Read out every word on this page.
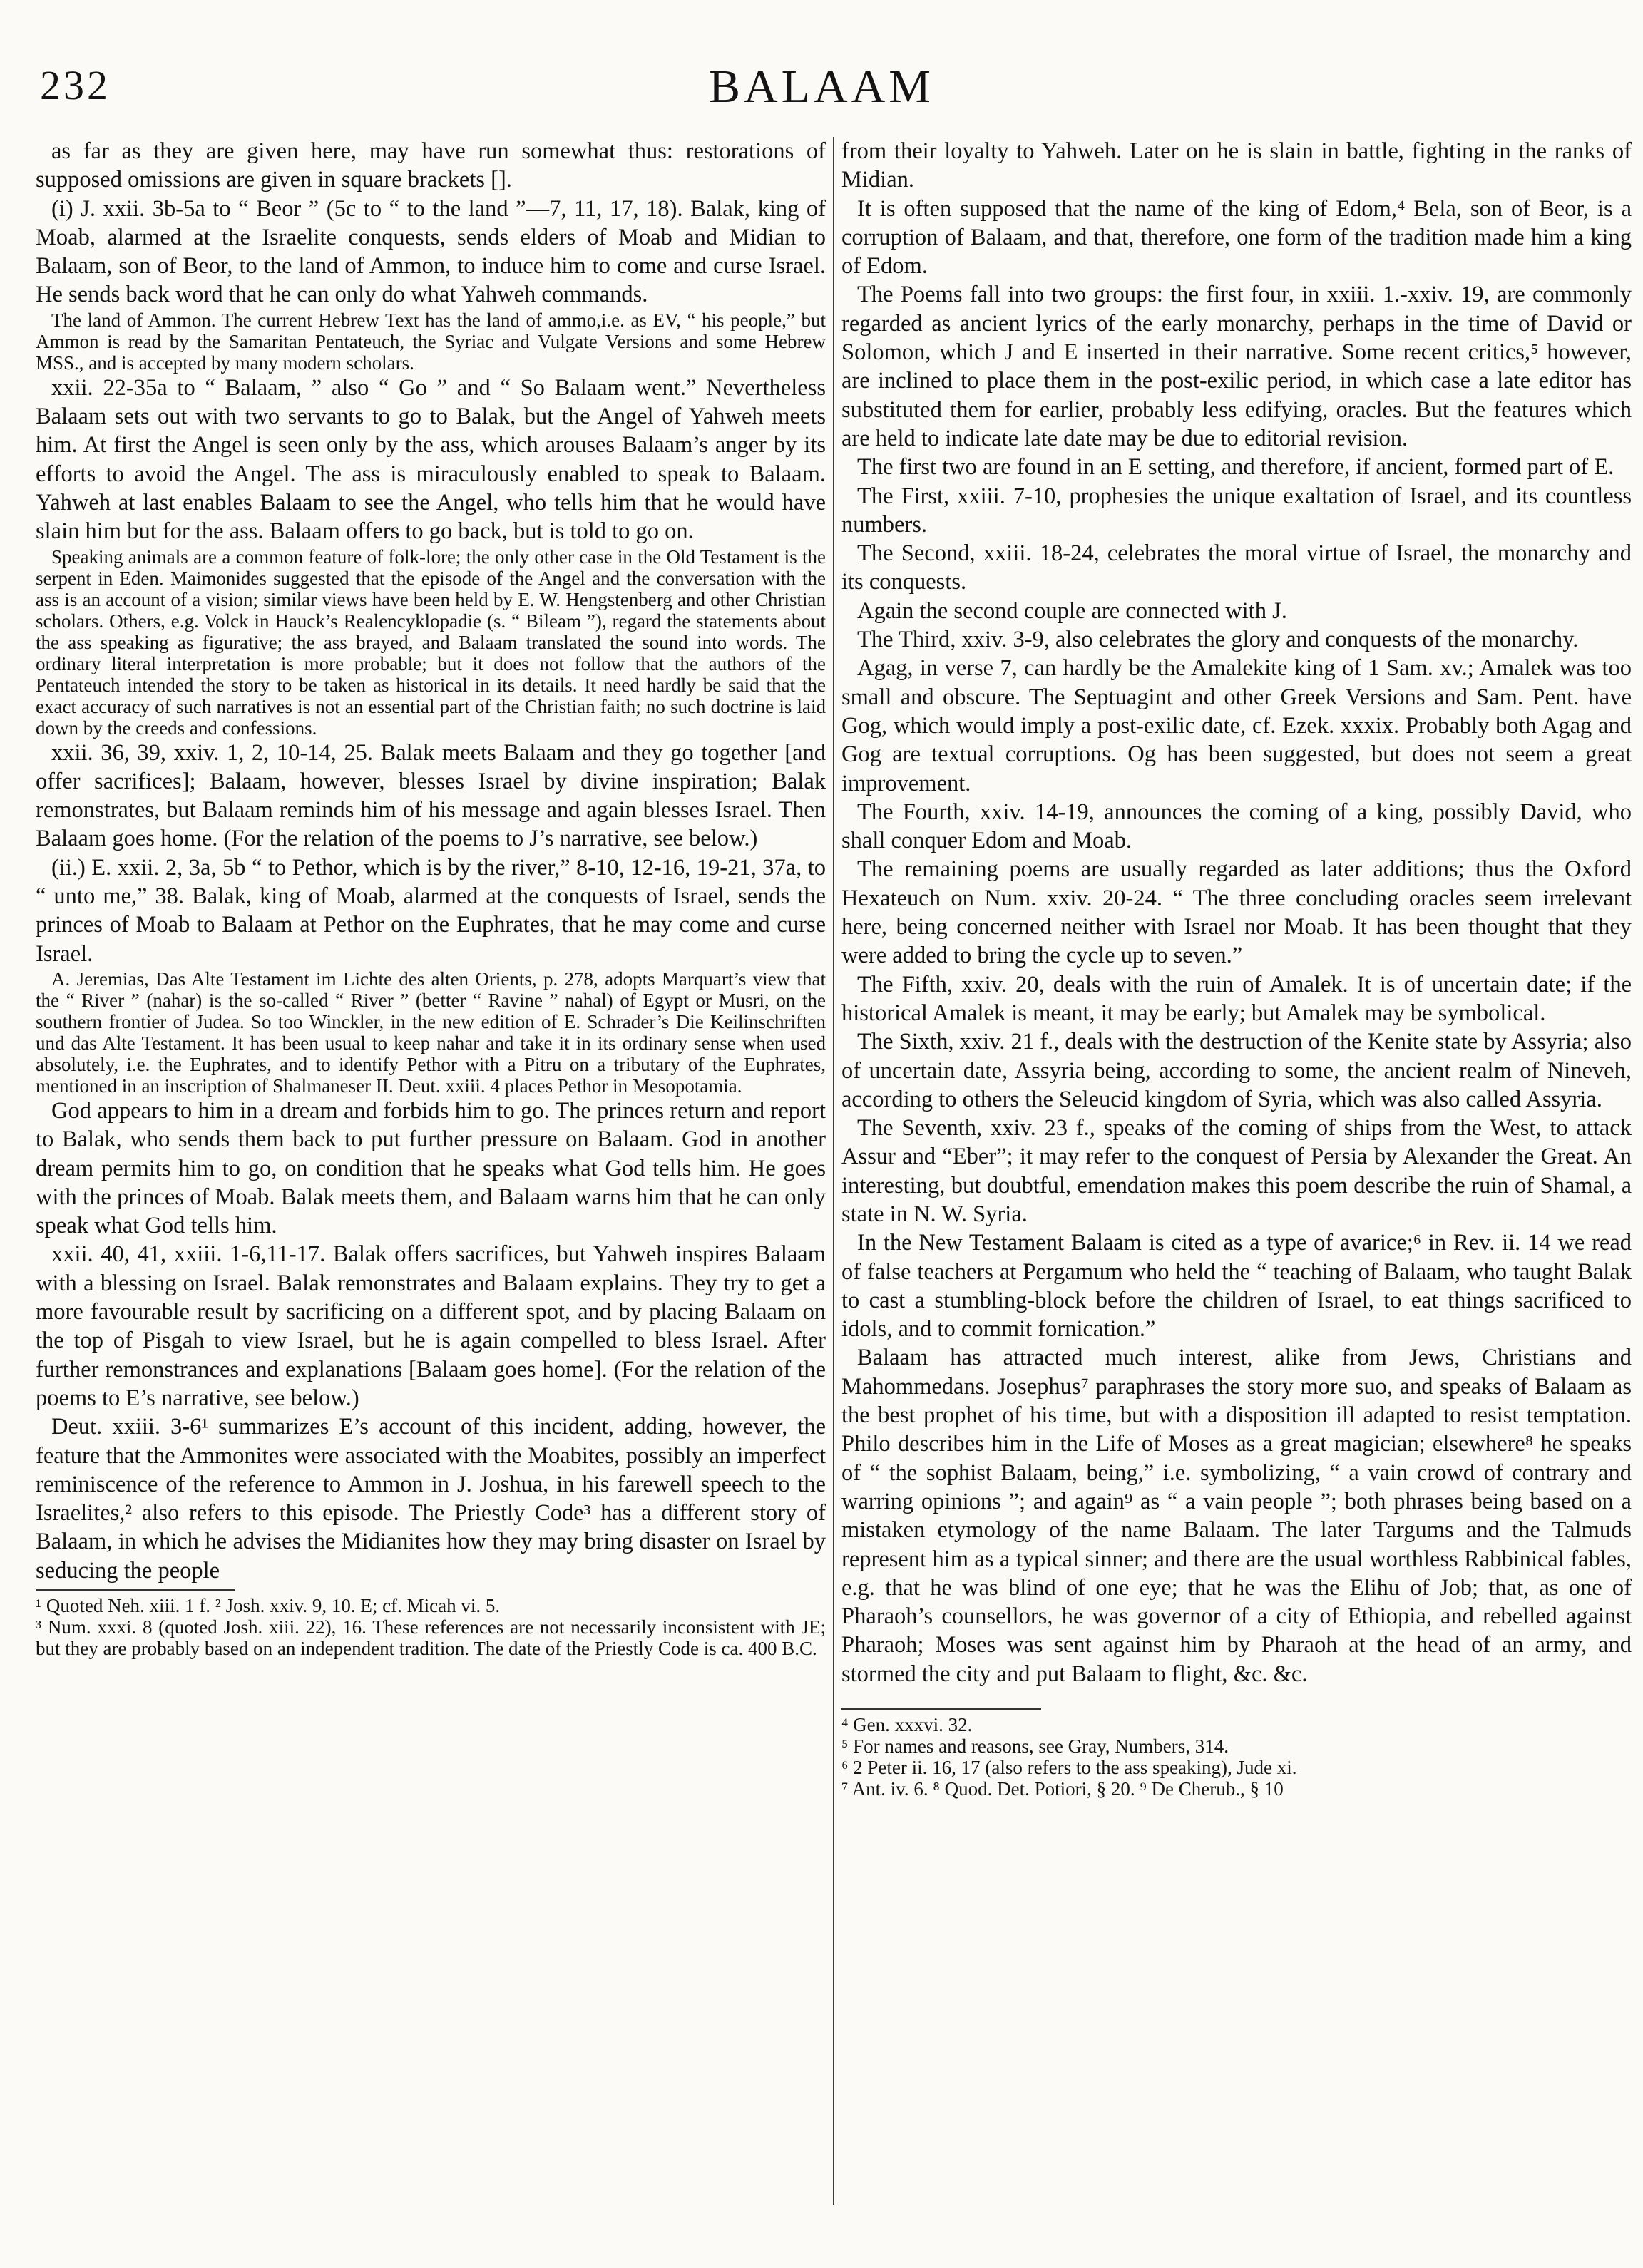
232	BALAAM

as far as they are given here, may have run somewhat thus: restorations of supposed omissions are given in square brackets [].

(i) J. xxii. 3b-5a to “ Beor ” (5c to “ to the land ”—7, 11, 17, 18). Balak, king of Moab, alarmed at the Israelite conquests, sends elders of Moab and Midian to Balaam, son of Beor, to the land of Ammon, to induce him to come and curse Israel. He sends back word that he can only do what Yahweh commands.

The land of Ammon. The current Hebrew Text has the land of ammo,i.e. as EV, “ his people,” but Ammon is read by the Samaritan Pentateuch, the Syriac and Vulgate Versions and some Hebrew MSS., and is accepted by many modern scholars.

xxii. 22-35a to “ Balaam, ” also “ Go ” and “ So Balaam went.” Nevertheless Balaam sets out with two servants to go to Balak, but the Angel of Yahweh meets him. At first the Angel is seen only by the ass, which arouses Balaam’s anger by its efforts to avoid the Angel. The ass is miraculously enabled to speak to Balaam. Yahweh at last enables Balaam to see the Angel, who tells him that he would have slain him but for the ass. Balaam offers to go back, but is told to go on.

Speaking animals are a common feature of folk-lore; the only other case in the Old Testament is the serpent in Eden. Maimonides suggested that the episode of the Angel and the conversation with the ass is an account of a vision; similar views have been held by E. W. Hengstenberg and other Christian scholars. Others, e.g. Volck in Hauck’s Realencyklopadie (s. “ Bileam ”), regard the statements about the ass speaking as figurative; the ass brayed, and Balaam translated the sound into words. The ordinary literal interpretation is more probable; but it does not follow that the authors of the Pentateuch intended the story to be taken as historical in its details. It need hardly be said that the exact accuracy of such narratives is not an essential part of the Christian faith; no such doctrine is laid down by the creeds and confessions.

xxii. 36, 39, xxiv. 1, 2, 10-14, 25. Balak meets Balaam and they go together [and offer sacrifices]; Balaam, however, blesses Israel by divine inspiration; Balak remonstrates, but Balaam reminds him of his message and again blesses Israel. Then Balaam goes home. (For the relation of the poems to J’s narrative, see below.)

(ii.) E. xxii. 2, 3a, 5b “ to Pethor, which is by the river,” 8-10, 12-16, 19-21, 37a, to “ unto me,” 38. Balak, king of Moab, alarmed at the conquests of Israel, sends the princes of Moab to Balaam at Pethor on the Euphrates, that he may come and curse Israel.

A. Jeremias, Das Alte Testament im Lichte des alten Orients, p. 278, adopts Marquart’s view that the “ River ” (nahar) is the so-called “ River ” (better “ Ravine ” nahal) of Egypt or Musri, on the southern frontier of Judea. So too Winckler, in the new edition of E. Schrader’s Die Keilinschriften und das Alte Testament. It has been usual to keep nahar and take it in its ordinary sense when used absolutely, i.e. the Euphrates, and to identify Pethor with a Pitru on a tributary of the Euphrates, mentioned in an inscription of Shalmaneser II. Deut. xxiii. 4 places Pethor in Mesopotamia.

God appears to him in a dream and forbids him to go. The princes return and report to Balak, who sends them back to put further pressure on Balaam. God in another dream permits him to go, on condition that he speaks what God tells him. He goes with the princes of Moab. Balak meets them, and Balaam warns him that he can only speak what God tells him.

xxii. 40, 41, xxiii. 1-6,11-17. Balak offers sacrifices, but Yahweh inspires Balaam with a blessing on Israel. Balak remonstrates and Balaam explains. They try to get a more favourable result by sacrificing on a different spot, and by placing Balaam on the top of Pisgah to view Israel, but he is again compelled to bless Israel. After further remonstrances and explanations [Balaam goes home]. (For the relation of the poems to E’s narrative, see below.)

Deut. xxiii. 3-6¹ summarizes E’s account of this incident, adding, however, the feature that the Ammonites were associated with the Moabites, possibly an imperfect reminiscence of the reference to Ammon in J. Joshua, in his farewell speech to the Israelites,² also refers to this episode. The Priestly Code³ has a different story of Balaam, in which he advises the Midianites how they may bring disaster on Israel by seducing the people

¹ Quoted Neh. xiii. 1 f. ² Josh. xxiv. 9, 10. E; cf. Micah vi. 5.

³ Num. xxxi. 8 (quoted Josh. xiii. 22), 16. These references are not necessarily inconsistent with JE; but they are probably based on an independent tradition. The date of the Priestly Code is ca. 400 B.C.

from their loyalty to Yahweh. Later on he is slain in battle, fighting in the ranks of Midian.

It is often supposed that the name of the king of Edom,⁴ Bela, son of Beor, is a corruption of Balaam, and that, therefore, one form of the tradition made him a king of Edom.

The Poems fall into two groups: the first four, in xxiii. 1.-xxiv. 19, are commonly regarded as ancient lyrics of the early monarchy, perhaps in the time of David or Solomon, which J and E inserted in their narrative. Some recent critics,⁵ however, are inclined to place them in the post-exilic period, in which case a late editor has substituted them for earlier, probably less edifying, oracles. But the features which are held to indicate late date may be due to editorial revision.

The first two are found in an E setting, and therefore, if ancient, formed part of E.

The First, xxiii. 7-10, prophesies the unique exaltation of Israel, and its countless numbers.

The Second, xxiii. 18-24, celebrates the moral virtue of Israel, the monarchy and its conquests.

Again the second couple are connected with J.

The Third, xxiv. 3-9, also celebrates the glory and conquests of the monarchy.

Agag, in verse 7, can hardly be the Amalekite king of 1 Sam. xv.; Amalek was too small and obscure. The Septuagint and other Greek Versions and Sam. Pent. have Gog, which would imply a post-exilic date, cf. Ezek. xxxix. Probably both Agag and Gog are textual corruptions. Og has been suggested, but does not seem a great improvement.

The Fourth, xxiv. 14-19, announces the coming of a king, possibly David, who shall conquer Edom and Moab.

The remaining poems are usually regarded as later additions; thus the Oxford Hexateuch on Num. xxiv. 20-24. “ The three concluding oracles seem irrelevant here, being concerned neither with Israel nor Moab. It has been thought that they were added to bring the cycle up to seven.”

The Fifth, xxiv. 20, deals with the ruin of Amalek. It is of uncertain date; if the historical Amalek is meant, it may be early; but Amalek may be symbolical.

The Sixth, xxiv. 21 f., deals with the destruction of the Kenite state by Assyria; also of uncertain date, Assyria being, according to some, the ancient realm of Nineveh, according to others the Seleucid kingdom of Syria, which was also called Assyria.

The Seventh, xxiv. 23 f., speaks of the coming of ships from the West, to attack Assur and “Eber”; it may refer to the conquest of Persia by Alexander the Great. An interesting, but doubtful, emendation makes this poem describe the ruin of Shamal, a state in N. W. Syria.

In the New Testament Balaam is cited as a type of avarice;⁶ in Rev. ii. 14 we read of false teachers at Pergamum who held the “ teaching of Balaam, who taught Balak to cast a stumbling-block before the children of Israel, to eat things sacrificed to idols, and to commit fornication.”

Balaam has attracted much interest, alike from Jews, Christians and Mahommedans. Josephus⁷ paraphrases the story more suo, and speaks of Balaam as the best prophet of his time, but with a disposition ill adapted to resist temptation. Philo describes him in the Life of Moses as a great magician; elsewhere⁸ he speaks of “ the sophist Balaam, being,” i.e. symbolizing, “ a vain crowd of contrary and warring opinions ”; and again⁹ as “ a vain people ”; both phrases being based on a mistaken etymology of the name Balaam. The later Targums and the Talmuds represent him as a typical sinner; and there are the usual worthless Rabbinical fables, e.g. that he was blind of one eye; that he was the Elihu of Job; that, as one of Pharaoh’s counsellors, he was governor of a city of Ethiopia, and rebelled against Pharaoh; Moses was sent against him by Pharaoh at the head of an army, and stormed the city and put Balaam to flight, &c. &c.

⁴ Gen. xxxvi. 32.

⁵ For names and reasons, see Gray, Numbers, 314.

⁶ 2 Peter ii. 16, 17 (also refers to the ass speaking), Jude xi.

⁷ Ant. iv. 6. ⁸ Quod. Det. Potiori, § 20. ⁹ De Cherub., § 10
